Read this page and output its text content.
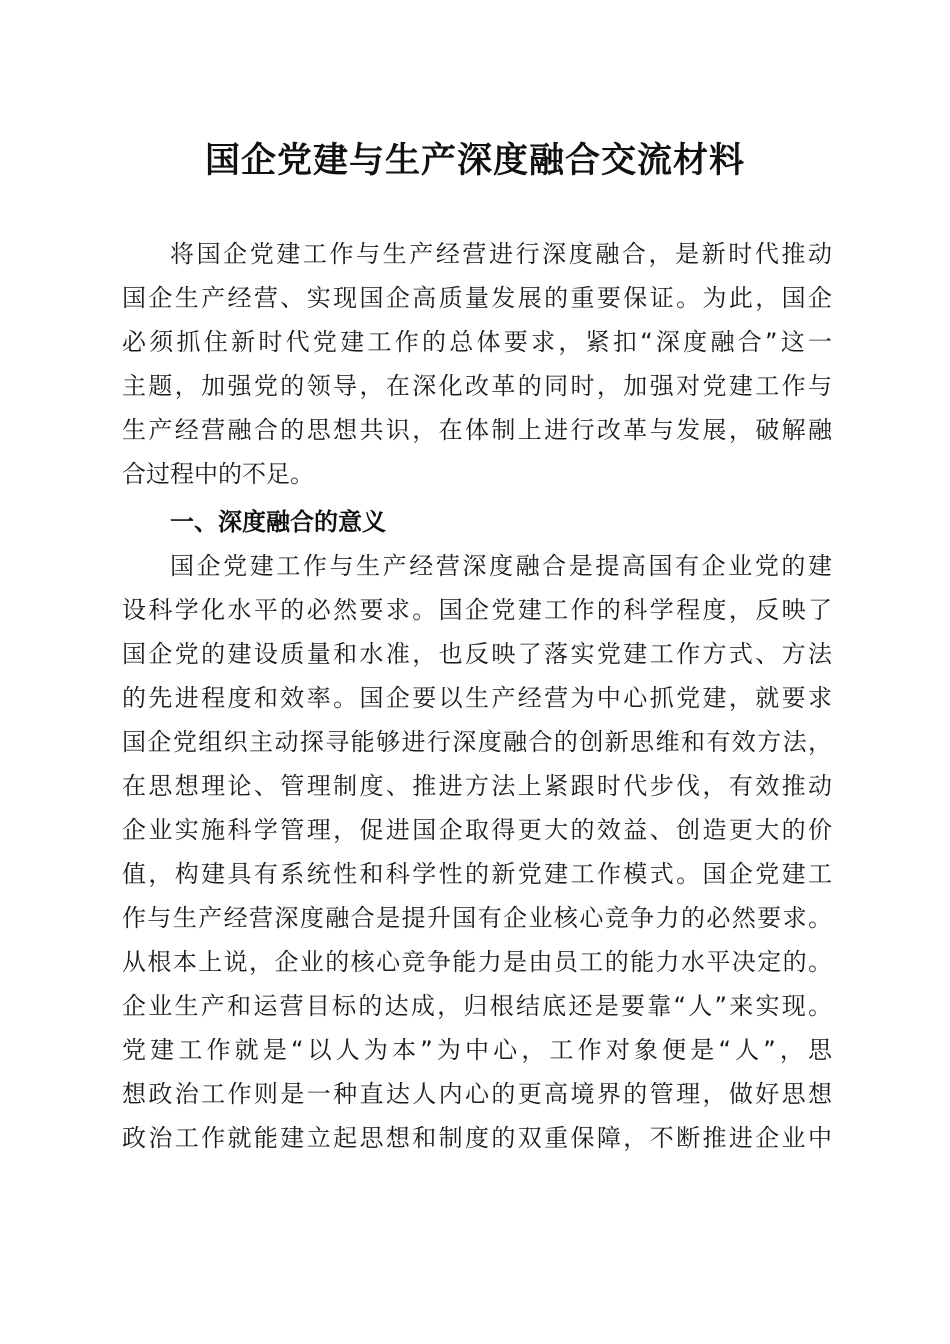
国企党建与生产深度融合交流材料
将国企党建工作与生产经营进行深度融合，是新时代推动
国企生产经营、实现国企高质量发展的重要保证。为此，国企
必须抓住新时代党建工作的总体要求，紧扣“深度融合”这一
主题，加强党的领导，在深化改革的同时，加强对党建工作与
生产经营融合的思想共识，在体制上进行改革与发展，破解融
合过程中的不足。
一、深度融合的意义
国企党建工作与生产经营深度融合是提高国有企业党的建
设科学化水平的必然要求。国企党建工作的科学程度，反映了
国企党的建设质量和水准，也反映了落实党建工作方式、方法
的先进程度和效率。国企要以生产经营为中心抓党建，就要求
国企党组织主动探寻能够进行深度融合的创新思维和有效方法，
在思想理论、管理制度、推进方法上紧跟时代步伐，有效推动
企业实施科学管理，促进国企取得更大的效益、创造更大的价
值，构建具有系统性和科学性的新党建工作模式。国企党建工
作与生产经营深度融合是提升国有企业核心竞争力的必然要求。
从根本上说，企业的核心竞争能力是由员工的能力水平决定的。
企业生产和运营目标的达成，归根结底还是要靠“人”来实现。
党建工作就是“以人为本”为中心，工作对象便是“人”，思
想政治工作则是一种直达人内心的更高境界的管理，做好思想
政治工作就能建立起思想和制度的双重保障，不断推进企业中
